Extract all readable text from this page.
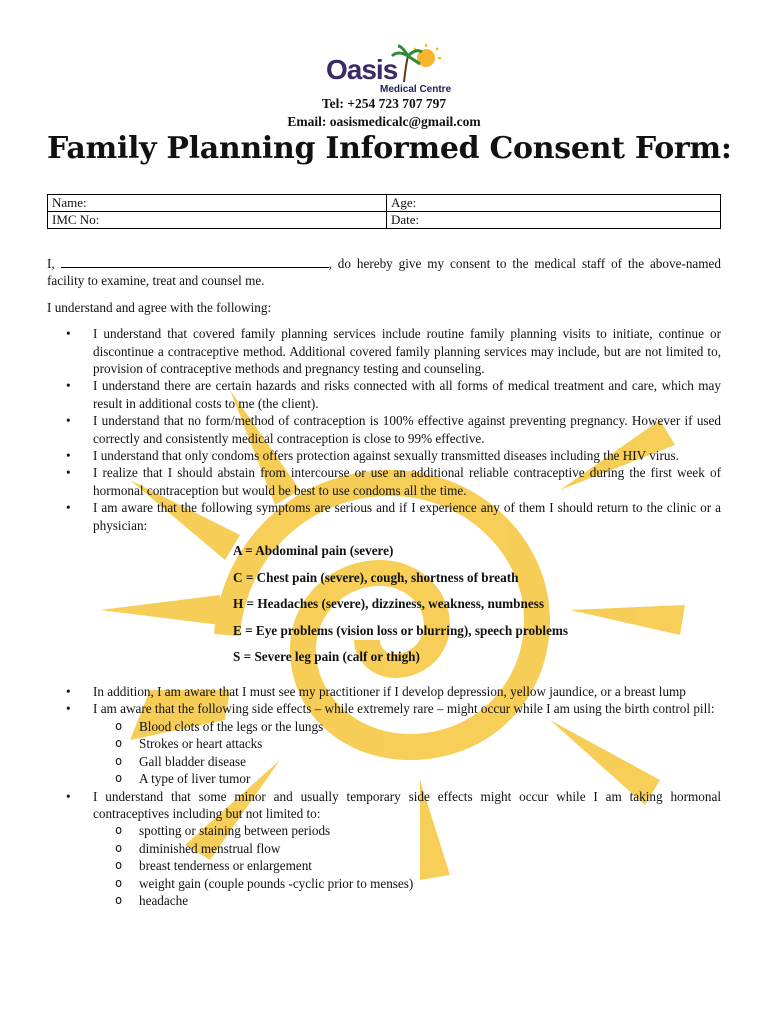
Oasis
Medical Centre
Tel: +254 723 707 797
Email: oasismedicalc@gmail.com
Family Planning Informed Consent Form:
Name:	Age:
IMC No:	Date:

I,	, do hereby give my consent to the medical staff of the above-named facility to examine, treat and counsel me.

I understand and agree with the following:

• I understand that covered family planning services include routine family planning visits to initiate, continue or discontinue a contraceptive method. Additional covered family planning services may include, but are not limited to, provision of contraceptive methods and pregnancy testing and counseling.
• I understand there are certain hazards and risks connected with all forms of medical treatment and care, which may result in additional costs to me (the client).
• I understand that no form/method of contraception is 100% effective against preventing pregnancy. However if used correctly and consistently medical contraception is close to 99% effective.
• I understand that only condoms offers protection against sexually transmitted diseases including the HIV virus.
• I realize that I should abstain from intercourse or use an additional reliable contraceptive during the first week of hormonal contraception but would be best to use condoms all the time.
• I am aware that the following symptoms are serious and if I experience any of them I should return to the clinic or a physician:
A = Abdominal pain (severe)
C = Chest pain (severe), cough, shortness of breath
H = Headaches (severe), dizziness, weakness, numbness
E = Eye problems (vision loss or blurring), speech problems
S = Severe leg pain (calf or thigh)
• In addition, I am aware that I must see my practitioner if I develop depression, yellow jaundice, or a breast lump
• I am aware that the following side effects – while extremely rare – might occur while I am using the birth control pill:
o Blood clots of the legs or the lungs
o Strokes or heart attacks
o Gall bladder disease
o A type of liver tumor
• I understand that some minor and usually temporary side effects might occur while I am taking hormonal contraceptives including but not limited to:
o spotting or staining between periods
o diminished menstrual flow
o breast tenderness or enlargement
o weight gain (couple pounds -cyclic prior to menses)
o headache
